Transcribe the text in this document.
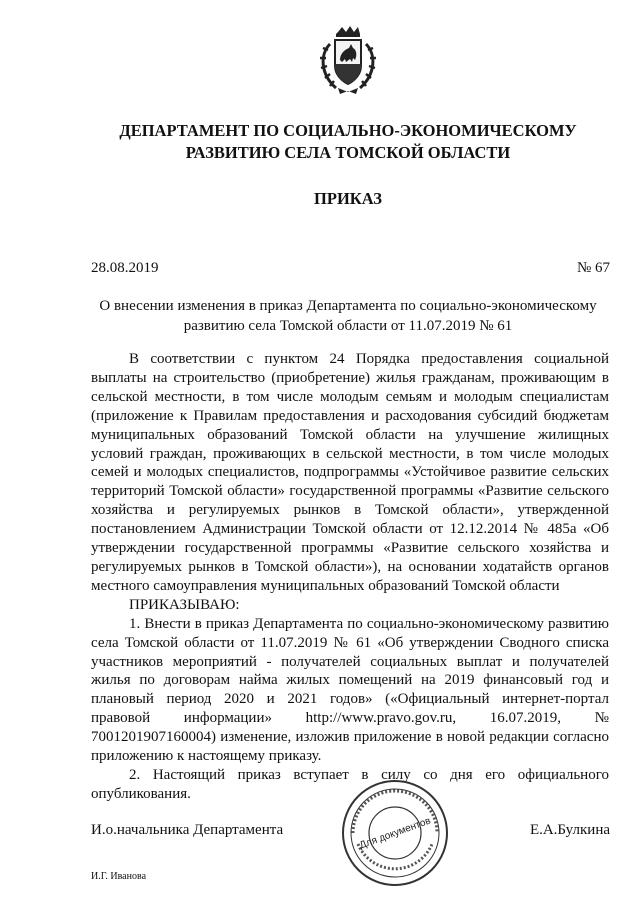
ДЕПАРТАМЕНТ ПО СОЦИАЛЬНО-ЭКОНОМИЧЕСКОМУ
РАЗВИТИЮ СЕЛА ТОМСКОЙ ОБЛАСТИ
ПРИКАЗ
28.08.2019	№ 67
О внесении изменения в приказ Департамента по социально-экономическому
развитию села Томской области от 11.07.2019 № 61

В соответствии с пунктом 24 Порядка предоставления социальной выплаты на строительство (приобретение) жилья гражданам, проживающим в сельской местности, в том числе молодым семьям и молодым специалистам (приложение к Правилам предоставления и расходования субсидий бюджетам муниципальных образований Томской области на улучшение жилищных условий граждан, проживающих в сельской местности, в том числе молодых семей и молодых специалистов, подпрограммы «Устойчивое развитие сельских территорий Томской области» государственной программы «Развитие сельского хозяйства и регулируемых рынков в Томской области», утвержденной постановлением Администрации Томской области от 12.12.2014 № 485а «Об утверждении государственной программы «Развитие сельского хозяйства и регулируемых рынков в Томской области»), на основании ходатайств органов местного самоуправления муниципальных образований Томской области

ПРИКАЗЫВАЮ:

1. Внести в приказ Департамента по социально-экономическому развитию села Томской области от 11.07.2019 № 61 «Об утверждении Сводного списка участников мероприятий - получателей социальных выплат и получателей жилья по договорам найма жилых помещений на 2019 финансовый год и плановый период 2020 и 2021 годов» («Официальный интернет-портал правовой информации» http://www.pravo.gov.ru, 16.07.2019, № 7001201907160004) изменение, изложив приложение в новой редакции согласно приложению к настоящему приказу.

2. Настоящий приказ вступает в силу со дня его официального опубликования.

И.о.начальника Департамента	Е.А.Булкина
Для документов
И.Г. Иванова
